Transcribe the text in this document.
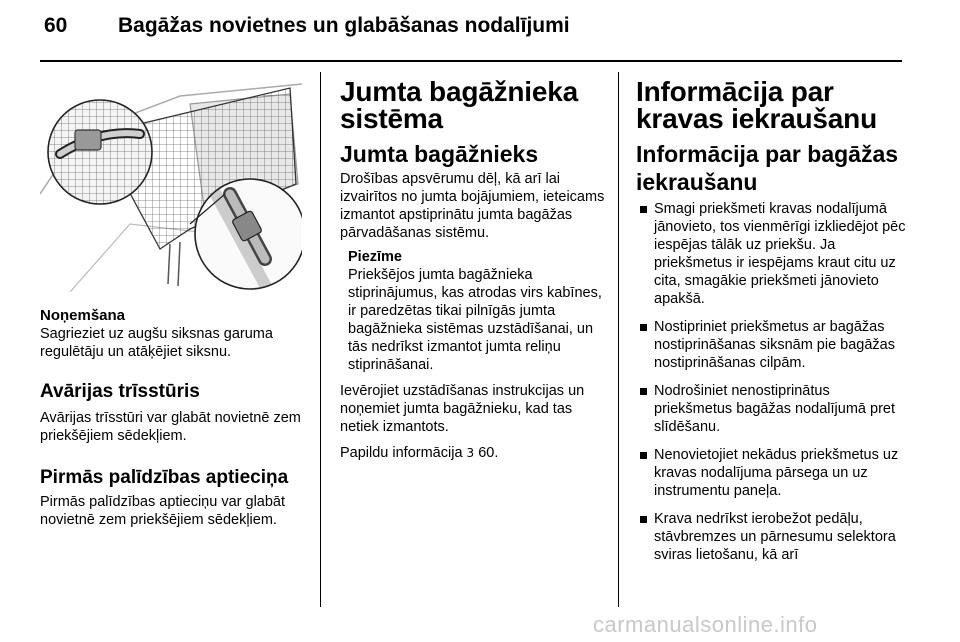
60 Bagāžas novietnes un glabāšanas nodalījumi
Noņemšana

Sagrieziet uz augšu siksnas garuma regulētāju un atāķējiet siksnu.

Avārijas trīsstūris

Avārijas trīsstūri var glabāt novietnē zem priekšējiem sēdekļiem.

Pirmās palīdzības aptieciņa

Pirmās palīdzības aptieciņu var glabāt novietnē zem priekšējiem sēdekļiem.

Jumta bagāžnieka sistēma
Jumta bagāžnieks

Drošības apsvērumu dēļ, kā arī lai izvairītos no jumta bojājumiem, ieteicams izmantot apstiprinātu jumta bagāžas pārvadāšanas sistēmu.

Piezīme

Priekšējos jumta bagāžnieka stiprinājumus, kas atrodas virs kabīnes, ir paredzētas tikai pilnīgās jumta bagāžnieka sistēmas uzstādīšanai, un tās nedrīkst izmantot jumta reliņu stiprināšanai.

Ievērojiet uzstādīšanas instrukcijas un noņemiet jumta bagāžnieku, kad tas netiek izmantots.

Papildu informācija 3 60.

Informācija par kravas iekraušanu
Informācija par bagāžas iekraušanu
Smagi priekšmeti kravas nodalījumā jānovieto, tos vienmērīgi izkliedējot pēc iespējas tālāk uz priekšu. Ja priekšmetus ir iespējams kraut citu uz cita, smagākie priekšmeti jānovieto apakšā.
Nostipriniet priekšmetus ar bagāžas nostiprināšanas siksnām pie bagāžas nostiprināšanas cilpām.
Nodrošiniet nenostiprinātus priekšmetus bagāžas nodalījumā pret slīdēšanu.
Nenovietojiet nekādus priekšmetus uz kravas nodalījuma pārsega un uz instrumentu paneļa.
Krava nedrīkst ierobežot pedāļu, stāvbremzes un pārnesumu selektora sviras lietošanu, kā arī
carmanualsonline.info
